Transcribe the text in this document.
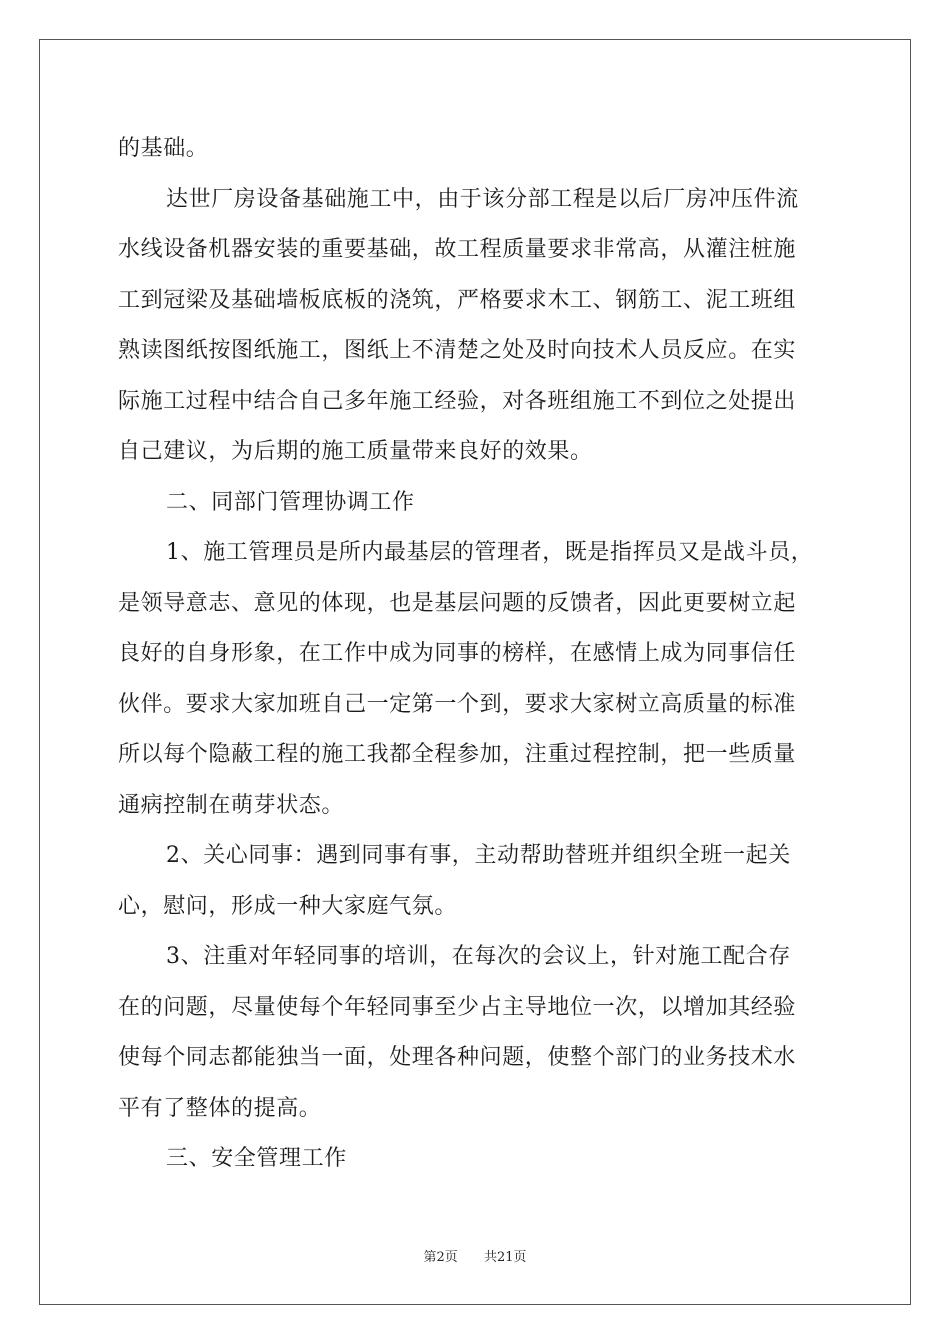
的基础。
达世厂房设备基础施工中，由于该分部工程是以后厂房冲压件流
水线设备机器安装的重要基础，故工程质量要求非常高，从灌注桩施
工到冠梁及基础墙板底板的浇筑，严格要求木工、钢筋工、泥工班组
熟读图纸按图纸施工，图纸上不清楚之处及时向技术人员反应。在实
际施工过程中结合自己多年施工经验，对各班组施工不到位之处提出
自己建议，为后期的施工质量带来良好的效果。
二、同部门管理协调工作
1、施工管理员是所内最基层的管理者，既是指挥员又是战斗员，
是领导意志、意见的体现，也是基层问题的反馈者，因此更要树立起
良好的自身形象，在工作中成为同事的榜样，在感情上成为同事信任
伙伴。要求大家加班自己一定第一个到，要求大家树立高质量的标准
所以每个隐蔽工程的施工我都全程参加，注重过程控制，把一些质量
通病控制在萌芽状态。
2、关心同事：遇到同事有事，主动帮助替班并组织全班一起关
心，慰问，形成一种大家庭气氛。
3、注重对年轻同事的培训，在每次的会议上，针对施工配合存
在的问题，尽量使每个年轻同事至少占主导地位一次，以增加其经验
使每个同志都能独当一面，处理各种问题，使整个部门的业务技术水
平有了整体的提高。
三、安全管理工作
第2页 共21页
